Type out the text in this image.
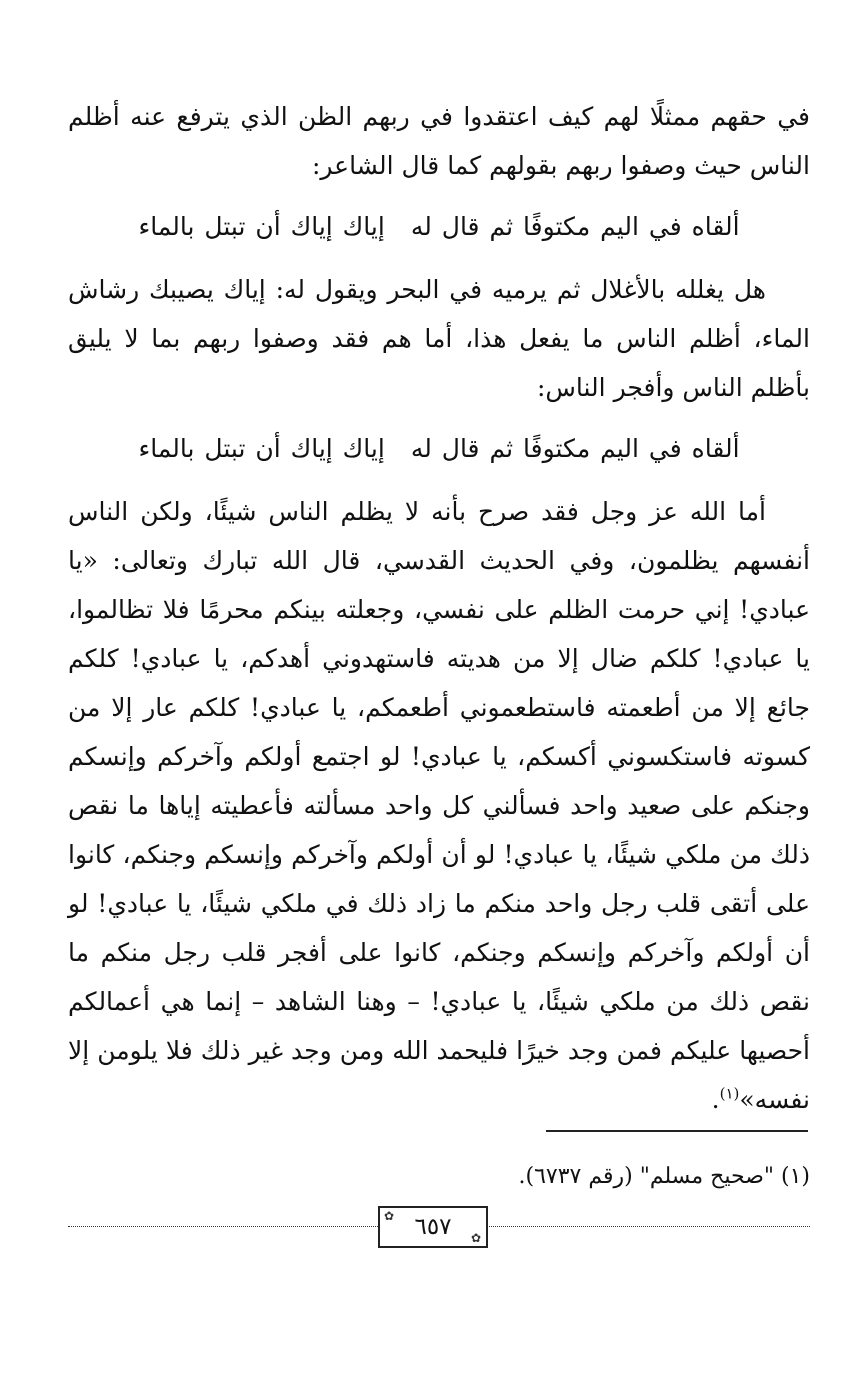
في حقهم ممثلًا لهم كيف اعتقدوا في ربهم الظن الذي يترفع عنه أظلم الناس حيث وصفوا ربهم بقولهم كما قال الشاعر:

ألقاه في اليم مكتوفًا ثم قال لهإياك إياك أن تبتل بالماء

هل يغلله بالأغلال ثم يرميه في البحر ويقول له: إياك يصيبك رشاش الماء، أظلم الناس ما يفعل هذا، أما هم فقد وصفوا ربهم بما لا يليق بأظلم الناس وأفجر الناس:

ألقاه في اليم مكتوفًا ثم قال لهإياك إياك أن تبتل بالماء

أما الله عز وجل فقد صرح بأنه لا يظلم الناس شيئًا، ولكن الناس أنفسهم يظلمون، وفي الحديث القدسي، قال الله تبارك وتعالى: «يا عبادي! إني حرمت الظلم على نفسي، وجعلته بينكم محرمًا فلا تظالموا، يا عبادي! كلكم ضال إلا من هديته فاستهدوني أهدكم، يا عبادي! كلكم جائع إلا من أطعمته فاستطعموني أطعمكم، يا عبادي! كلكم عار إلا من كسوته فاستكسوني أكسكم، يا عبادي! لو اجتمع أولكم وآخركم وإنسكم وجنكم على صعيد واحد فسألني كل واحد مسألته فأعطيته إياها ما نقص ذلك من ملكي شيئًا، يا عبادي! لو أن أولكم وآخركم وإنسكم وجنكم، كانوا على أتقى قلب رجل واحد منكم ما زاد ذلك في ملكي شيئًا، يا عبادي! لو أن أولكم وآخركم وإنسكم وجنكم، كانوا على أفجر قلب رجل منكم ما نقص ذلك من ملكي شيئًا، يا عبادي! – وهنا الشاهد – إنما هي أعمالكم أحصيها عليكم فمن وجد خيرًا فليحمد الله ومن وجد غير ذلك فلا يلومن إلا نفسه»$^{(١)}$.

(١) "صحيح مسلم" (رقم ٦٧٣٧).
✿ ٦٥٧ ✿
